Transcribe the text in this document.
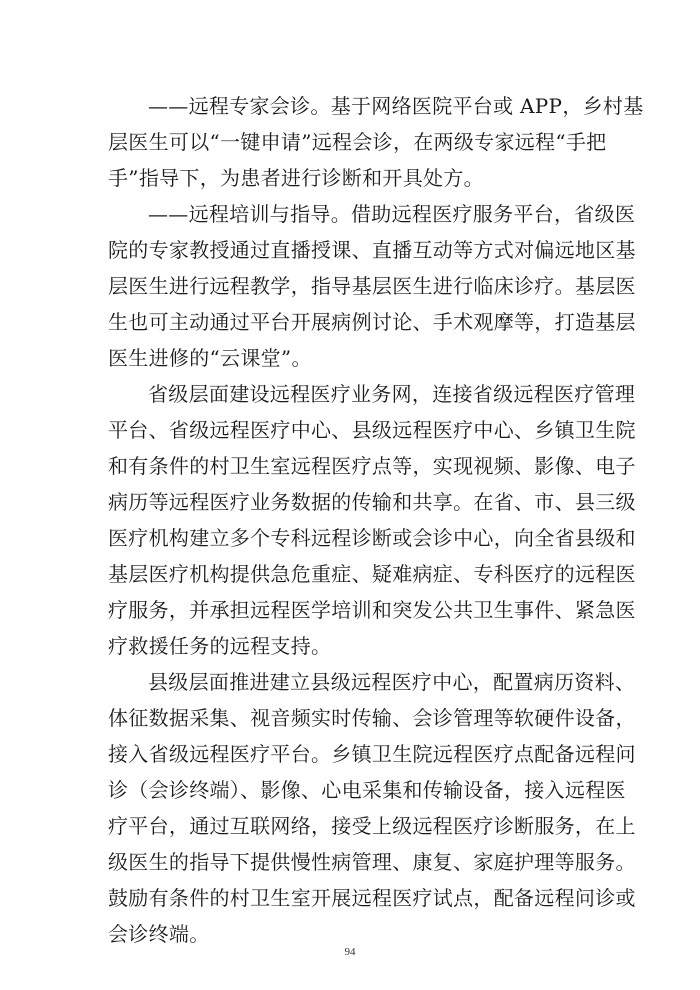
——远程专家会诊。基于网络医院平台或 APP，乡村基
层医生可以“一键申请”远程会诊，在两级专家远程“手把
手”指导下，为患者进行诊断和开具处方。
——远程培训与指导。借助远程医疗服务平台，省级医
院的专家教授通过直播授课、直播互动等方式对偏远地区基
层医生进行远程教学，指导基层医生进行临床诊疗。基层医
生也可主动通过平台开展病例讨论、手术观摩等，打造基层
医生进修的“云课堂”。
省级层面建设远程医疗业务网，连接省级远程医疗管理
平台、省级远程医疗中心、县级远程医疗中心、乡镇卫生院
和有条件的村卫生室远程医疗点等，实现视频、影像、电子
病历等远程医疗业务数据的传输和共享。在省、市、县三级
医疗机构建立多个专科远程诊断或会诊中心，向全省县级和
基层医疗机构提供急危重症、疑难病症、专科医疗的远程医
疗服务，并承担远程医学培训和突发公共卫生事件、紧急医
疗救援任务的远程支持。
县级层面推进建立县级远程医疗中心，配置病历资料、
体征数据采集、视音频实时传输、会诊管理等软硬件设备，
接入省级远程医疗平台。乡镇卫生院远程医疗点配备远程问
诊（会诊终端）、影像、心电采集和传输设备，接入远程医
疗平台，通过互联网络，接受上级远程医疗诊断服务，在上
级医生的指导下提供慢性病管理、康复、家庭护理等服务。
鼓励有条件的村卫生室开展远程医疗试点，配备远程问诊或
会诊终端。
94
